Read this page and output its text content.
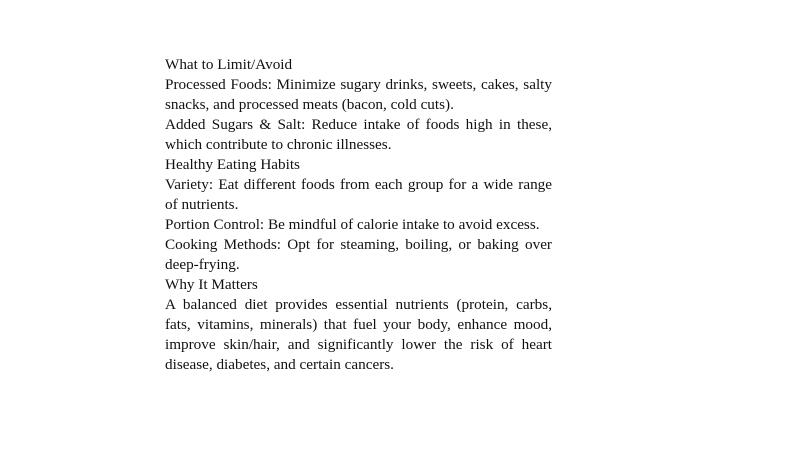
What to Limit/Avoid

Processed Foods: Minimize sugary drinks, sweets, cakes, salty snacks, and processed meats (bacon, cold cuts).

Added Sugars & Salt: Reduce intake of foods high in these, which contribute to chronic illnesses.

Healthy Eating Habits

Variety: Eat different foods from each group for a wide range of nutrients.

Portion Control: Be mindful of calorie intake to avoid excess.

Cooking Methods: Opt for steaming, boiling, or baking over deep-frying.

Why It Matters

A balanced diet provides essential nutrients (protein, carbs, fats, vitamins, minerals) that fuel your body, enhance mood, improve skin/hair, and significantly lower the risk of heart disease, diabetes, and certain cancers.
